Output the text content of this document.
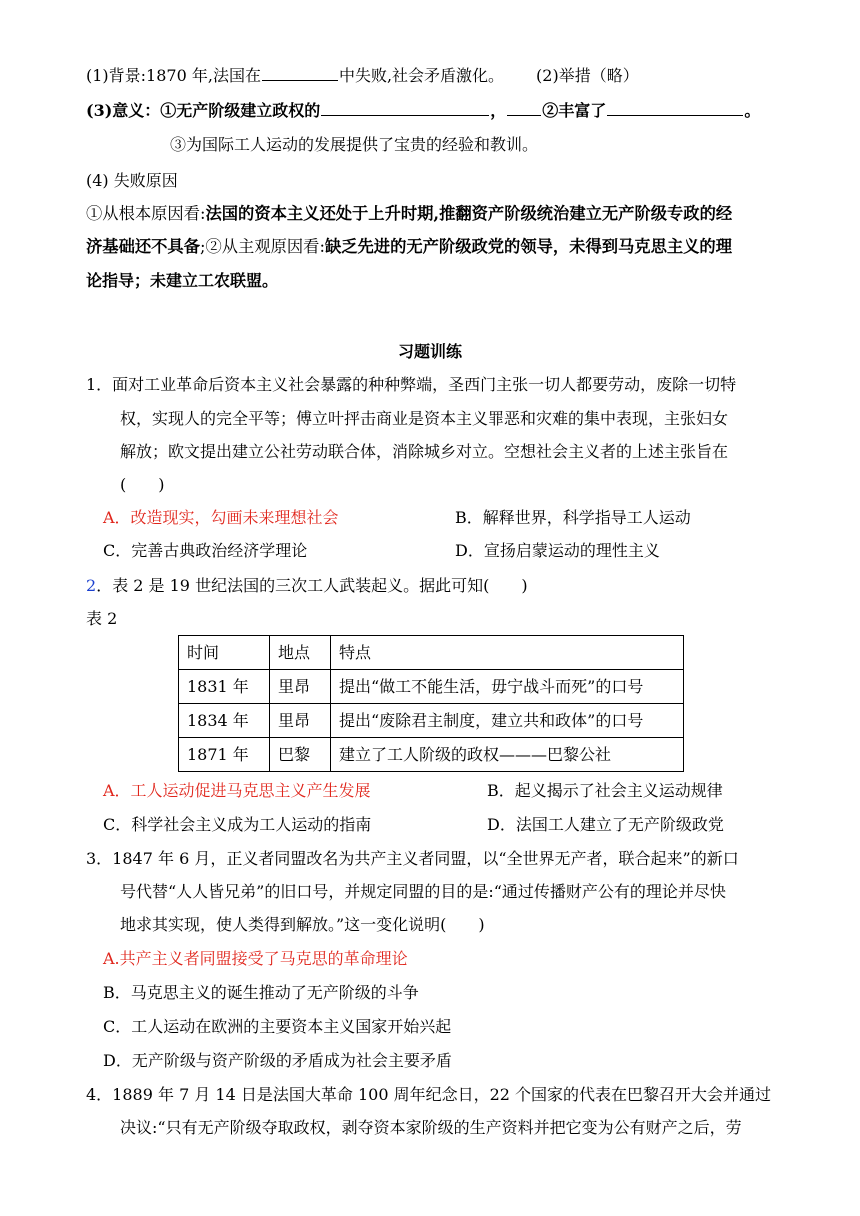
(1)背景:1870 年,法国在	中失败,社会矛盾激化。 (2)举措（略）
(3)意义：①无产阶级建立政权的	， ②丰富了	。
③为国际工人运动的发展提供了宝贵的经验和教训。
(4) 失败原因
①从根本原因看:法国的资本主义还处于上升时期,推翻资产阶级统治建立无产阶级专政的经
济基础还不具备;②从主观原因看:缺乏先进的无产阶级政党的领导，未得到马克思主义的理
论指导；未建立工农联盟。
习题训练
1．面对工业革命后资本主义社会暴露的种种弊端，圣西门主张一切人都要劳动，废除一切特
权，实现人的完全平等；傅立叶抨击商业是资本主义罪恶和灾难的集中表现，主张妇女
解放；欧文提出建立公社劳动联合体，消除城乡对立。空想社会主义者的上述主张旨在
(　　)
A．改造现实，勾画未来理想社会	B．解释世界，科学指导工人运动
C．完善古典政治经济学理论	D．宣扬启蒙运动的理性主义
2．表 2 是 19 世纪法国的三次工人武装起义。据此可知(　　)
表 2
时间	地点	特点
1831 年	里昂	提出“做工不能生活，毋宁战斗而死”的口号
1834 年	里昂	提出“废除君主制度，建立共和政体”的口号
1871 年	巴黎	建立了工人阶级的政权———巴黎公社
A．工人运动促进马克思主义产生发展	B．起义揭示了社会主义运动规律
C．科学社会主义成为工人运动的指南	D．法国工人建立了无产阶级政党
3．1847 年 6 月，正义者同盟改名为共产主义者同盟，以“全世界无产者，联合起来”的新口
号代替“人人皆兄弟”的旧口号，并规定同盟的目的是:“通过传播财产公有的理论并尽快
地求其实现，使人类得到解放。”这一变化说明(　　)
A.共产主义者同盟接受了马克思的革命理论
B．马克思主义的诞生推动了无产阶级的斗争
C．工人运动在欧洲的主要资本主义国家开始兴起
D．无产阶级与资产阶级的矛盾成为社会主要矛盾
4．1889 年 7 月 14 日是法国大革命 100 周年纪念日，22 个国家的代表在巴黎召开大会并通过
决议:“只有无产阶级夺取政权，剥夺资本家阶级的生产资料并把它变为公有财产之后，劳
